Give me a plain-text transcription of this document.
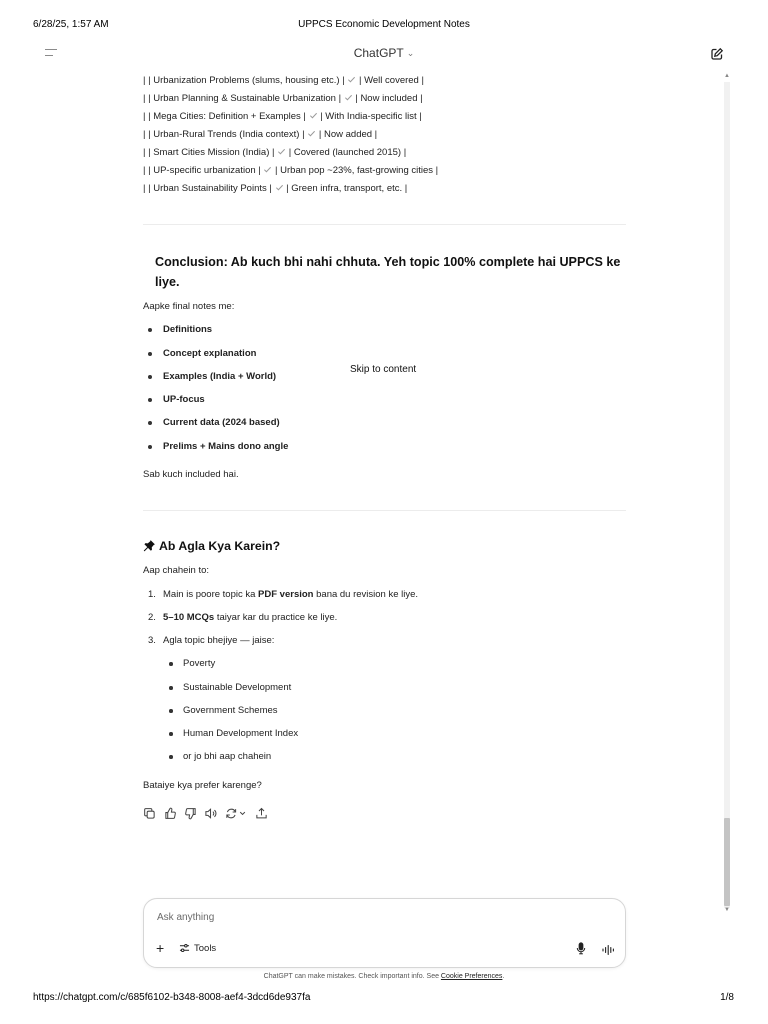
6/28/25, 1:57 AM	UPPCS Economic Development Notes
ChatGPT ⌄
▲
▼
| | Urbanization Problems (slums, housing etc.) | | Well covered |
| | Urban Planning & Sustainable Urbanization | | Now included |
| | Mega Cities: Definition + Examples | | With India-specific list |
| | Urban-Rural Trends (India context) | | Now added |
| | Smart Cities Mission (India) | | Covered (launched 2015) |
| | UP-specific urbanization | | Urban pop ~23%, fast-growing cities |
| | Urban Sustainability Points | | Green infra, transport, etc. |
Conclusion: Ab kuch bhi nahi chhuta. Yeh topic 100% complete hai UPPCS ke liye.
Aapke final notes me:
Definitions
Concept explanation
Examples (India + World)
UP-focus
Current data (2024 based)
Prelims + Mains dono angle
Sab kuch included hai.
Ab Agla Kya Karein?
Aap chahein to:
1. Main is poore topic ka PDF version bana du revision ke liye.
2. 5–10 MCQs taiyar kar du practice ke liye.
3. Agla topic bhejiye — jaise:
Poverty
Sustainable Development
Government Schemes
Human Development Index
or jo bhi aap chahein
Bataiye kya prefer karenge?
Skip to content
Ask anything
+	Tools
ChatGPT can make mistakes. Check important info. See Cookie Preferences.
https://chatgpt.com/c/685f6102-b348-8008-aef4-3dcd6de937fa	1/8
